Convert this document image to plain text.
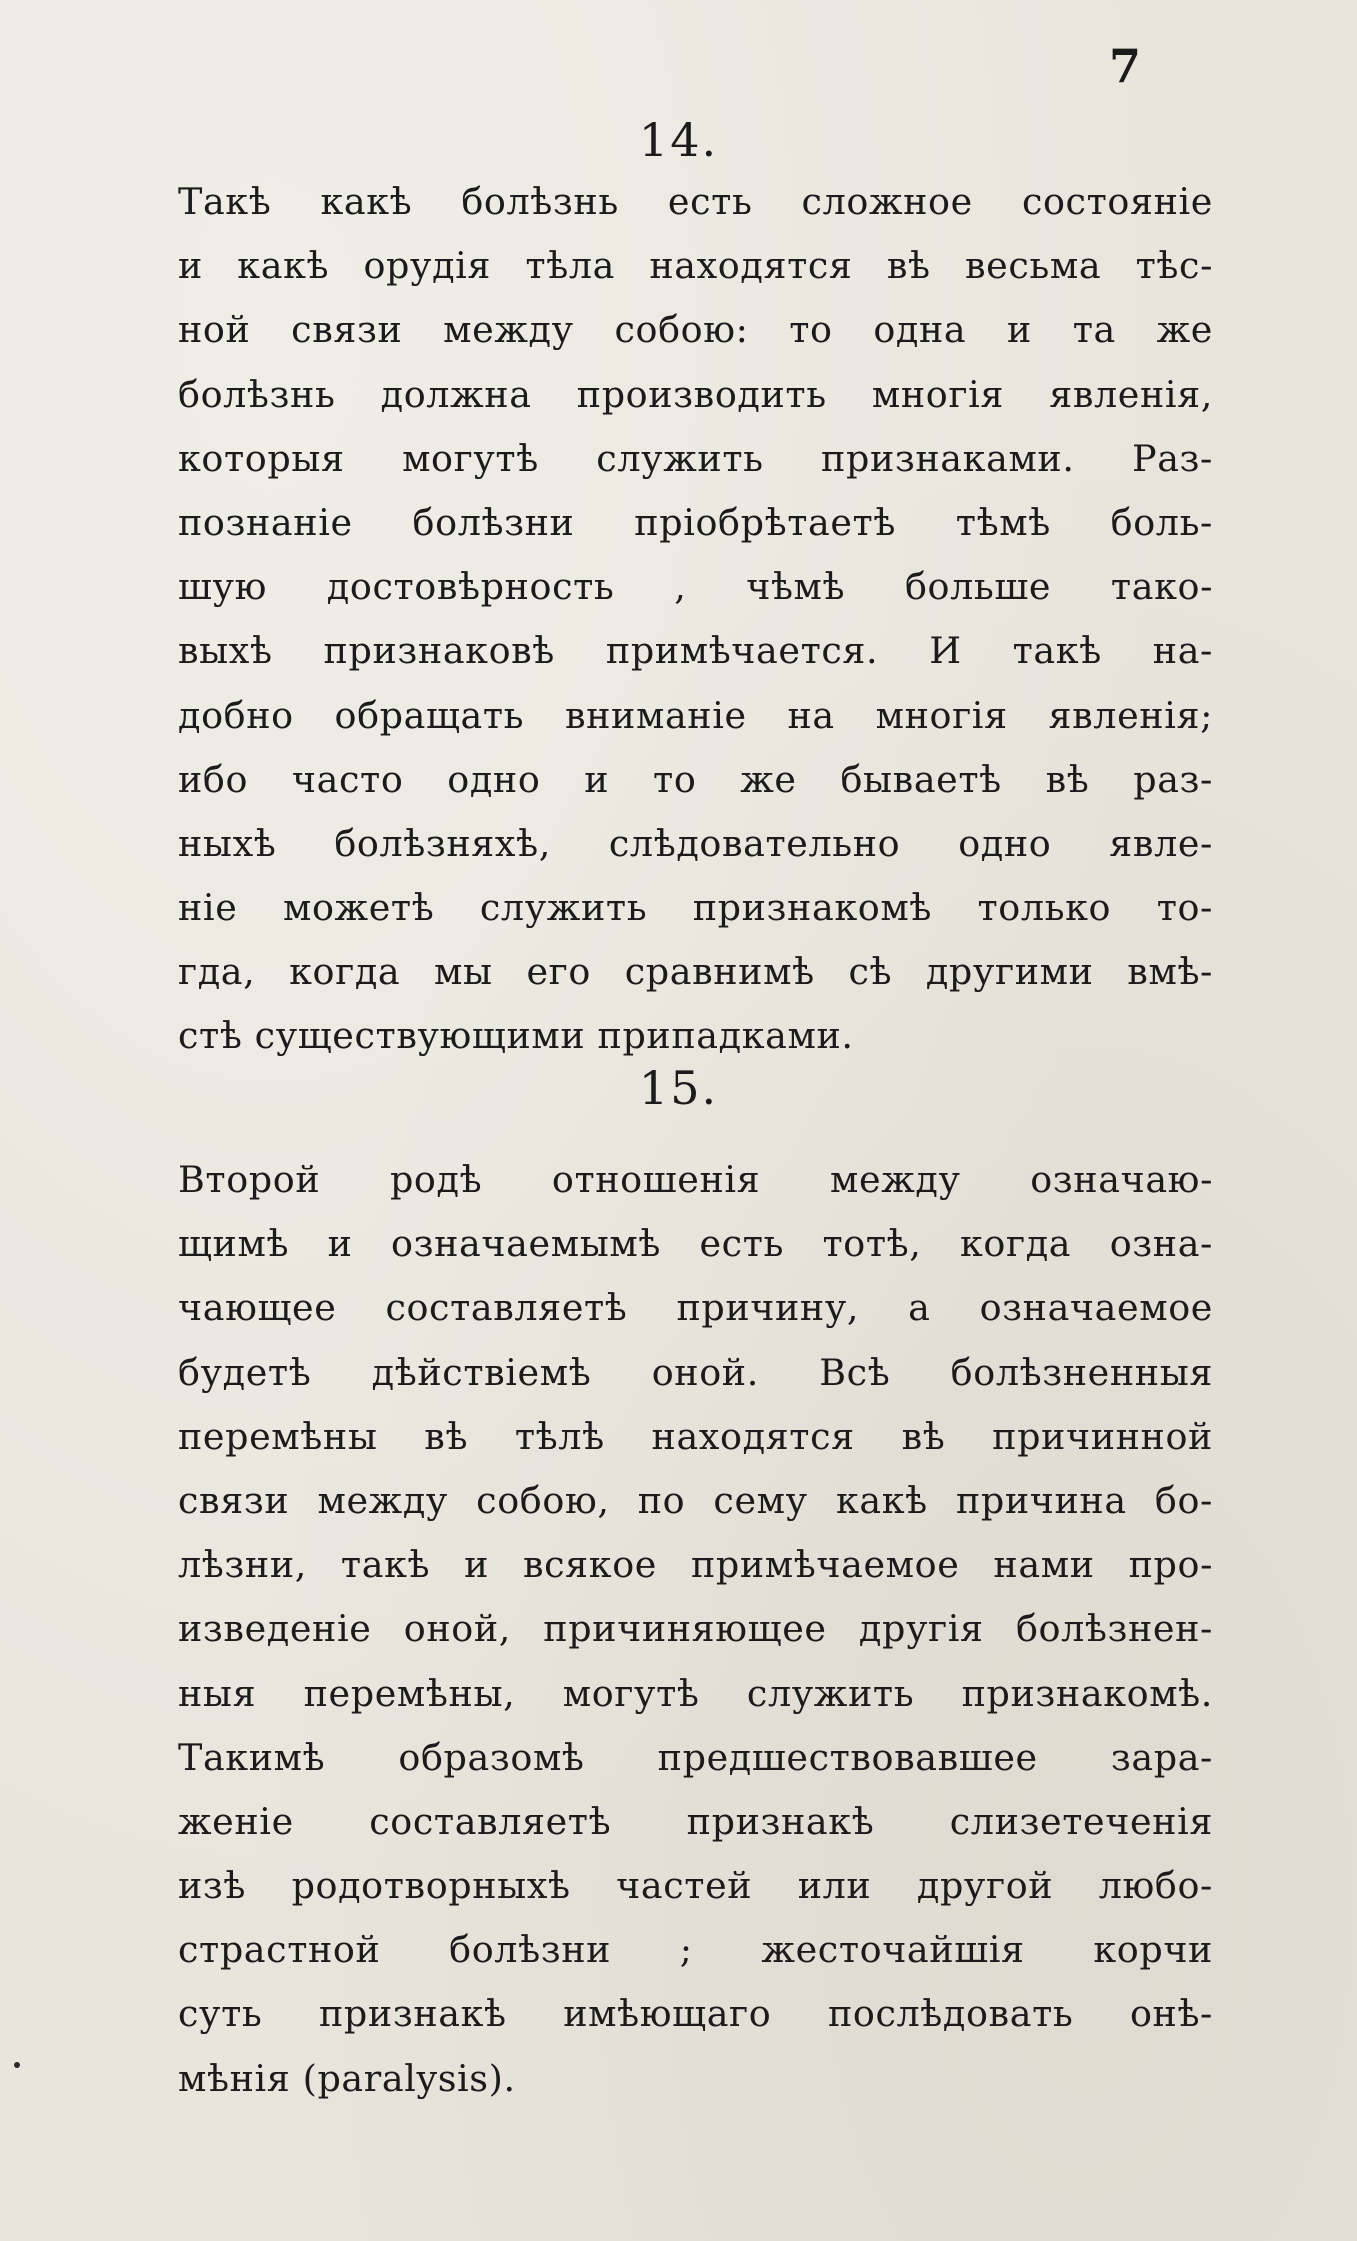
7
14.
Такѣ какѣ болѣзнь есть сложное состоянiе
и какѣ орудiя тѣла находятся вѣ весьма тѣс-
ной связи между собою: то одна и та же
болѣзнь должна производить многiя явленiя,
которыя могутѣ служить признаками. Раз-
познанiе болѣзни прiобрѣтаетѣ тѣмѣ боль-
шую достовѣрность , чѣмѣ больше тако-
выхѣ признаковѣ примѣчается. И такѣ на-
добно обращать вниманiе на многiя явленiя;
ибо часто одно и то же бываетѣ вѣ раз-
ныхѣ болѣзняхѣ, слѣдовательно одно явле-
нiе можетѣ служить признакомѣ только то-
гда, когда мы его сравнимѣ сѣ другими вмѣ-
стѣ существующими припадками.
15.
Второй родѣ отношенiя между означаю-
щимѣ и означаемымѣ есть тотѣ, когда озна-
чающее составляетѣ причину, а означаемое
будетѣ дѣйствiемѣ оной. Всѣ болѣзненныя
перемѣны вѣ тѣлѣ находятся вѣ причинной
связи между собою, по сему какѣ причина бо-
лѣзни, такѣ и всякое примѣчаемое нами про-
изведенiе оной, причиняющее другiя болѣзнен-
ныя перемѣны, могутѣ служить признакомѣ.
Такимѣ образомѣ предшествовавшее зара-
женiе составляетѣ признакѣ слизетеченiя
изѣ родотворныхѣ частей или другой любо-
страстной болѣзни ; жесточайшiя корчи
суть признакѣ имѣющаго послѣдовать онѣ-
мѣнiя (paralysis).
